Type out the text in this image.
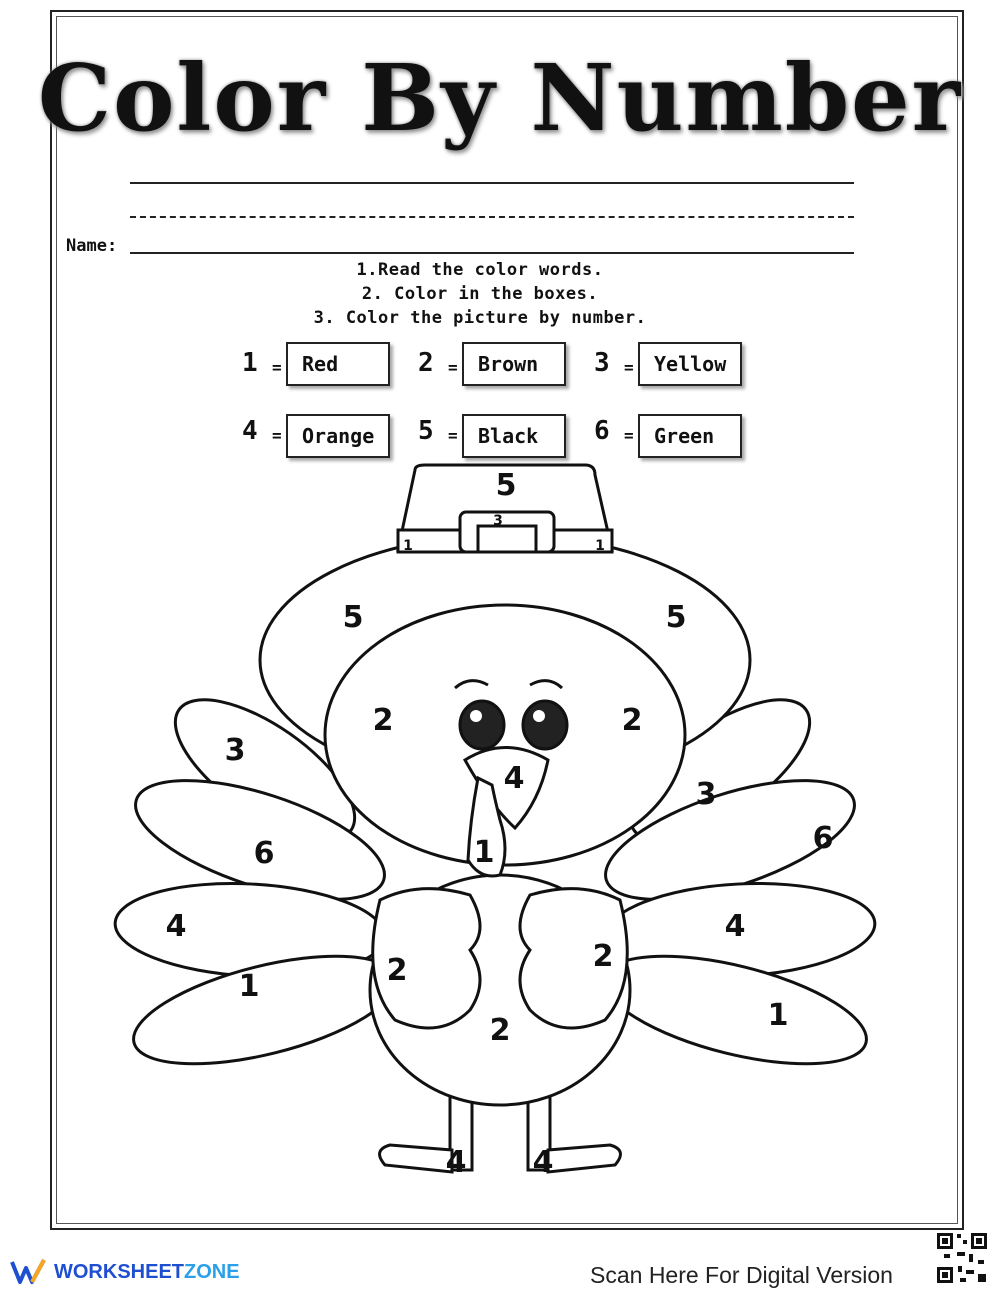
Color By Number
Name:
1.Read the color words.
2. Color in the boxes.
3. Color the picture by number.
1 =	Red	2 =	Brown	3 =	Yellow
4 =	Orange	5 =	Black	6 =	Green
5
3
1	1
5	5
2	2
4
1
3
6
4
1
3
6
4
1
2	2
2
4 4
WORKSHEETZONE	Scan Here For Digital Version
